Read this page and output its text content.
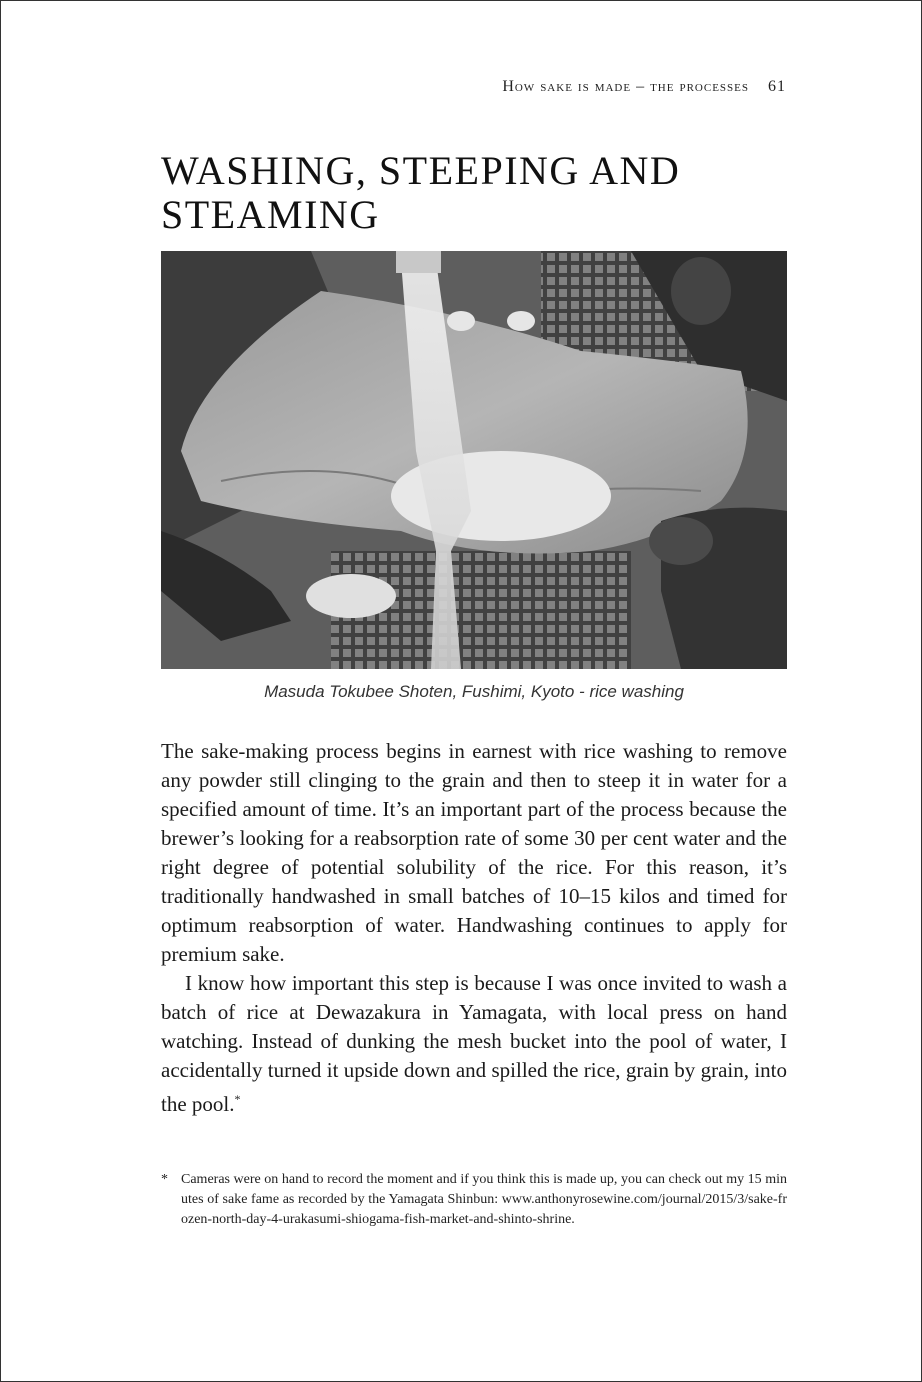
How sake is made – the processes 61
WASHING, STEEPING AND STEAMING
Masuda Tokubee Shoten, Fushimi, Kyoto - rice washing

The sake-making process begins in earnest with rice washing to remove any powder still clinging to the grain and then to steep it in water for a specified amount of time. It’s an important part of the process because the brewer’s looking for a reabsorption rate of some 30 per cent water and the right degree of potential solubility of the rice. For this reason, it’s traditionally handwashed in small batches of 10–15 kilos and timed for optimum reabsorption of water. Handwashing continues to apply for premium sake.

I know how important this step is because I was once invited to wash a batch of rice at Dewazakura in Yamagata, with local press on hand watching. Instead of dunking the mesh bucket into the pool of water, I accidentally turned it upside down and spilled the rice, grain by grain, into the pool.*

* Cameras were on hand to record the moment and if you think this is made up, you can check out my 15 minutes of sake fame as recorded by the Yamagata Shinbun: www.anthonyrosewine.com/journal/2015/3/sake-frozen-north-day-4-urakasumi-shiogama-fish-market-and-shinto-shrine.
